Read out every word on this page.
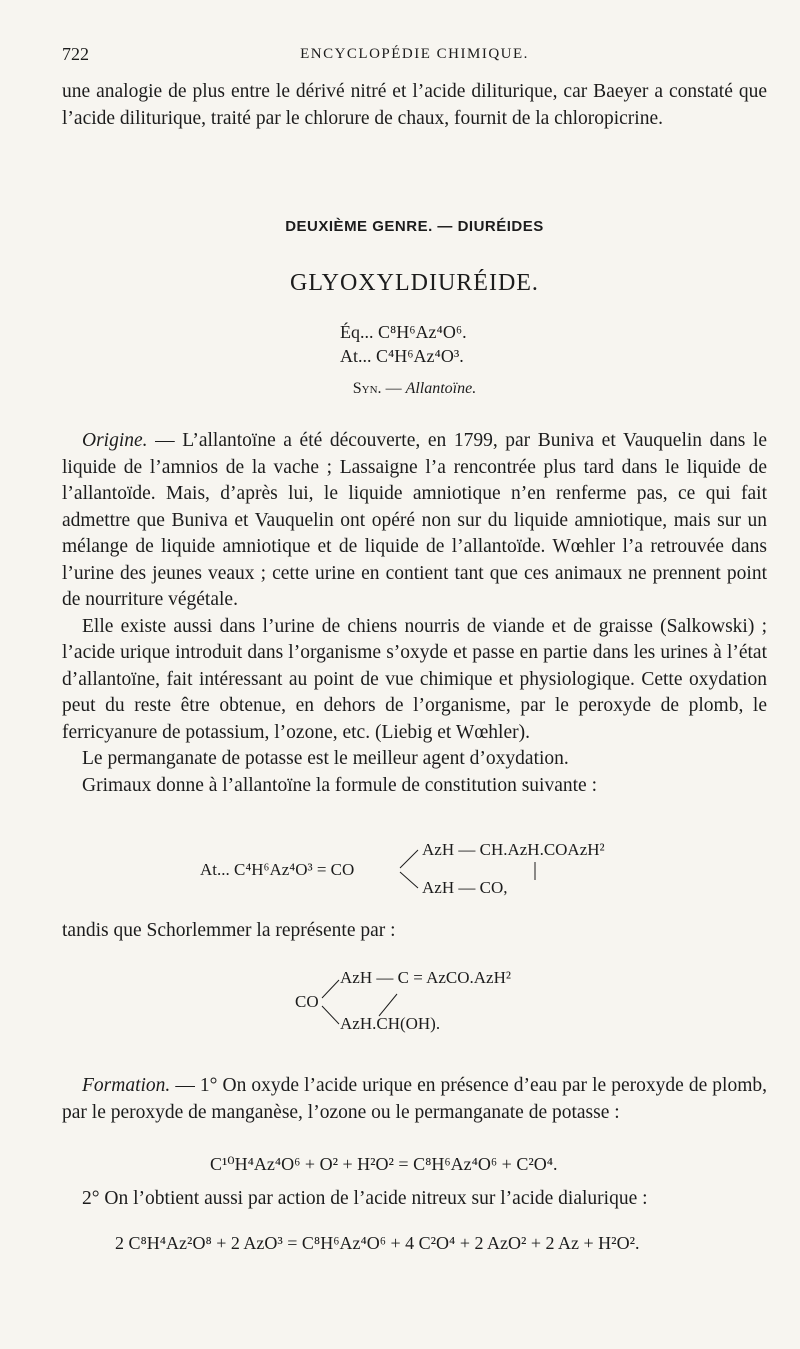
722	ENCYCLOPÉDIE CHIMIQUE.

une analogie de plus entre le dérivé nitré et l’acide diliturique, car Baeyer a constaté que l’acide diliturique, traité par le chlorure de chaux, fournit de la chloropicrine.

DEUXIÈME GENRE. — DIURÉIDES
GLYOXYLDIURÉIDE.
Éq... C⁸H⁶Az⁴O⁶.
At... C⁴H⁶Az⁴O³.
Syn. — Allantoïne.

Origine. — L’allantoïne a été découverte, en 1799, par Buniva et Vauquelin dans le liquide de l’amnios de la vache ; Lassaigne l’a rencontrée plus tard dans le liquide de l’allantoïde. Mais, d’après lui, le liquide amniotique n’en renferme pas, ce qui fait admettre que Buniva et Vauquelin ont opéré non sur du liquide amniotique, mais sur un mélange de liquide amniotique et de liquide de l’allantoïde. Wœhler l’a retrouvée dans l’urine des jeunes veaux ; cette urine en contient tant que ces animaux ne prennent point de nourriture végétale.

Elle existe aussi dans l’urine de chiens nourris de viande et de graisse (Salkowski) ; l’acide urique introduit dans l’organisme s’oxyde et passe en partie dans les urines à l’état d’allantoïne, fait intéressant au point de vue chimique et physiologique. Cette oxydation peut du reste être obtenue, en dehors de l’organisme, par le peroxyde de plomb, le ferricyanure de potassium, l’ozone, etc. (Liebig et Wœhler).

Le permanganate de potasse est le meilleur agent d’oxydation.

Grimaux donne à l’allantoïne la formule de constitution suivante :

At... C⁴H⁶Az⁴O³ = CO
AzH — CH.AzH.COAzH²
AzH — CO,

tandis que Schorlemmer la représente par :

CO
AzH — C = AzCO.AzH²
AzH.CH(OH).

Formation. — 1° On oxyde l’acide urique en présence d’eau par le peroxyde de plomb, par le peroxyde de manganèse, l’ozone ou le permanganate de potasse :

C¹⁰H⁴Az⁴O⁶ + O² + H²O² = C⁸H⁶Az⁴O⁶ + C²O⁴.

2° On l’obtient aussi par action de l’acide nitreux sur l’acide dialurique :

2 C⁸H⁴Az²O⁸ + 2 AzO³ = C⁸H⁶Az⁴O⁶ + 4 C²O⁴ + 2 AzO² + 2 Az + H²O².
